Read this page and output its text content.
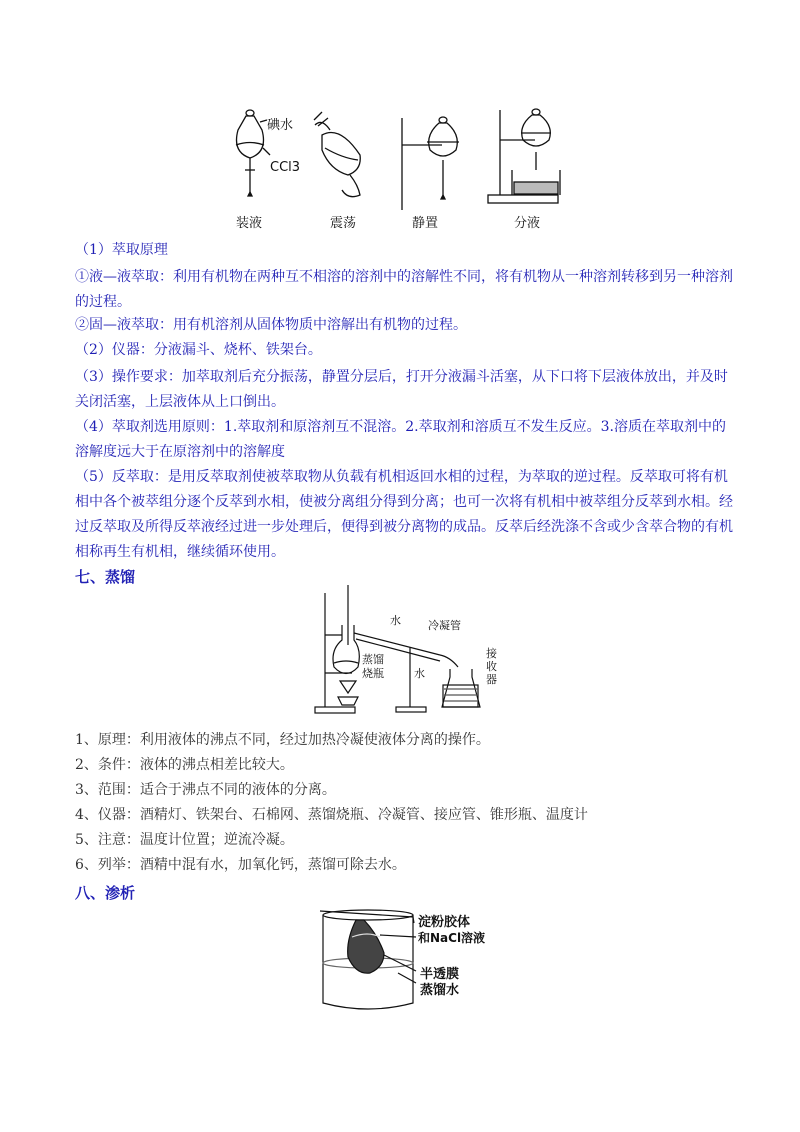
碘水
CCl3
装液	震荡	静置	分液
（1）萃取原理
①液—液萃取：利用有机物在两种互不相溶的溶剂中的溶解性不同，将有机物从一种溶剂转移到另一种溶剂的过程。
②固—液萃取：用有机溶剂从固体物质中溶解出有机物的过程。
（2）仪器：分液漏斗、烧杯、铁架台。
（3）操作要求：加萃取剂后充分振荡，静置分层后，打开分液漏斗活塞，从下口将下层液体放出，并及时关闭活塞，上层液体从上口倒出。
（4）萃取剂选用原则：1.萃取剂和原溶剂互不混溶。2.萃取剂和溶质互不发生反应。3.溶质在萃取剂中的溶解度远大于在原溶剂中的溶解度
（5）反萃取：是用反萃取剂使被萃取物从负载有机相返回水相的过程，为萃取的逆过程。反萃取可将有机相中各个被萃组分逐个反萃到水相，使被分离组分得到分离；也可一次将有机相中被萃组分反萃到水相。经过反萃取及所得反萃液经过进一步处理后，便得到被分离物的成品。反萃后经洗涤不含或少含萃合物的有机相称再生有机相，继续循环使用。
七、蒸馏
水 冷凝管
蒸馏烧瓶	水
接收器
1、原理：利用液体的沸点不同，经过加热冷凝使液体分离的操作。
2、条件：液体的沸点相差比较大。
3、范围：适合于沸点不同的液体的分离。
4、仪器：酒精灯、铁架台、石棉网、蒸馏烧瓶、冷凝管、接应管、锥形瓶、温度计
5、注意：温度计位置；逆流冷凝。
6、列举：酒精中混有水，加氧化钙，蒸馏可除去水。
八、渗析
淀粉胶体
和NaCl溶液
半透膜
蒸馏水
